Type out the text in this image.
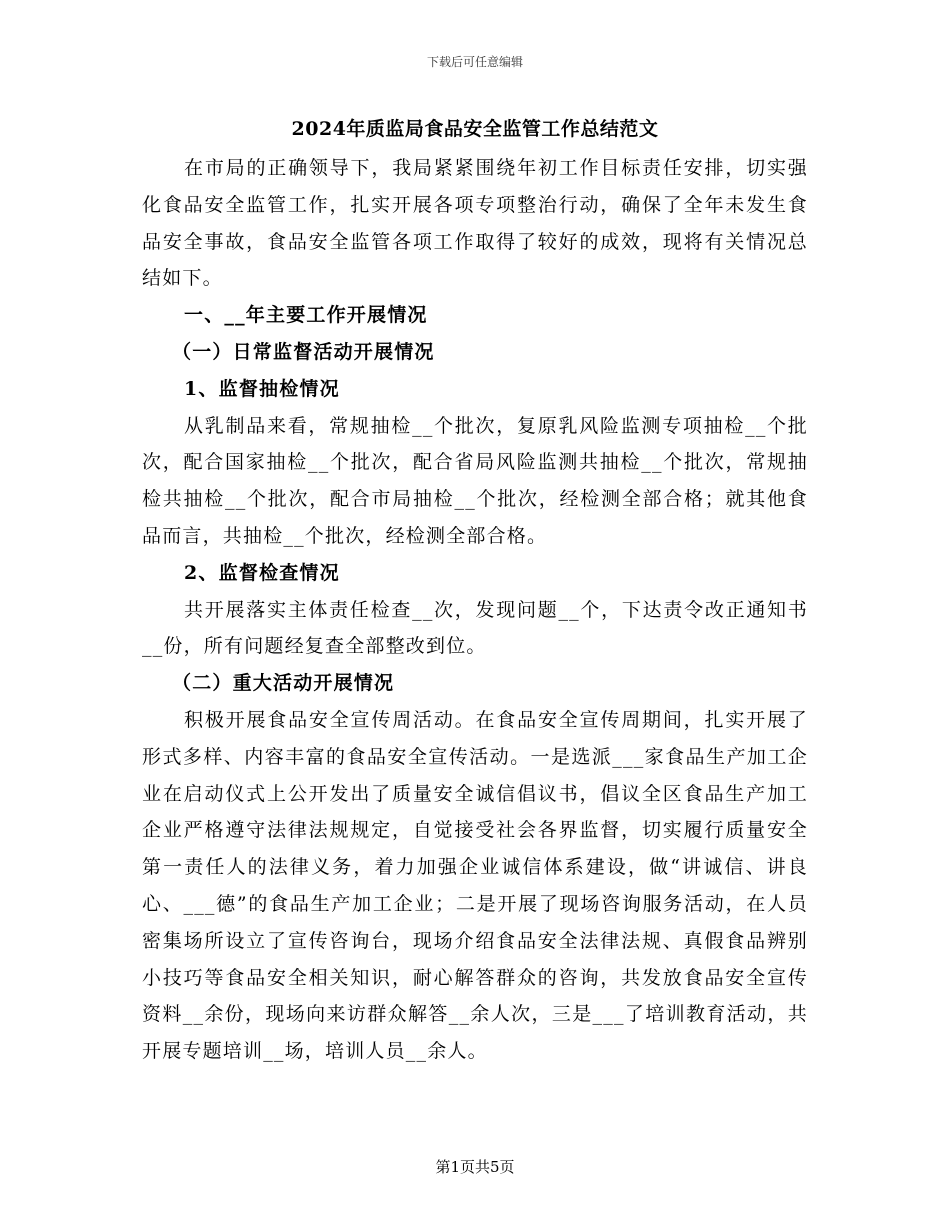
下载后可任意编辑
2024年质监局食品安全监管工作总结范文

在市局的正确领导下，我局紧紧围绕年初工作目标责任安排，切实强化食品安全监管工作，扎实开展各项专项整治行动，确保了全年未发生食品安全事故，食品安全监管各项工作取得了较好的成效，现将有关情况总结如下。

一、__年主要工作开展情况

（一）日常监督活动开展情况

1、监督抽检情况

从乳制品来看，常规抽检__个批次，复原乳风险监测专项抽检__个批次，配合国家抽检__个批次，配合省局风险监测共抽检__个批次，常规抽检共抽检__个批次，配合市局抽检__个批次，经检测全部合格；就其他食品而言，共抽检__个批次，经检测全部合格。

2、监督检查情况

共开展落实主体责任检查__次，发现问题__个，下达责令改正通知书__份，所有问题经复查全部整改到位。

（二）重大活动开展情况

积极开展食品安全宣传周活动。在食品安全宣传周期间，扎实开展了形式多样、内容丰富的食品安全宣传活动。一是选派___家食品生产加工企业在启动仪式上公开发出了质量安全诚信倡议书，倡议全区食品生产加工企业严格遵守法律法规规定，自觉接受社会各界监督，切实履行质量安全第一责任人的法律义务，着力加强企业诚信体系建设，做“讲诚信、讲良心、___德”的食品生产加工企业；二是开展了现场咨询服务活动，在人员密集场所设立了宣传咨询台，现场介绍食品安全法律法规、真假食品辨别小技巧等食品安全相关知识，耐心解答群众的咨询，共发放食品安全宣传资料__余份，现场向来访群众解答__余人次，三是___了培训教育活动，共开展专题培训__场，培训人员__余人。

第1页共5页
